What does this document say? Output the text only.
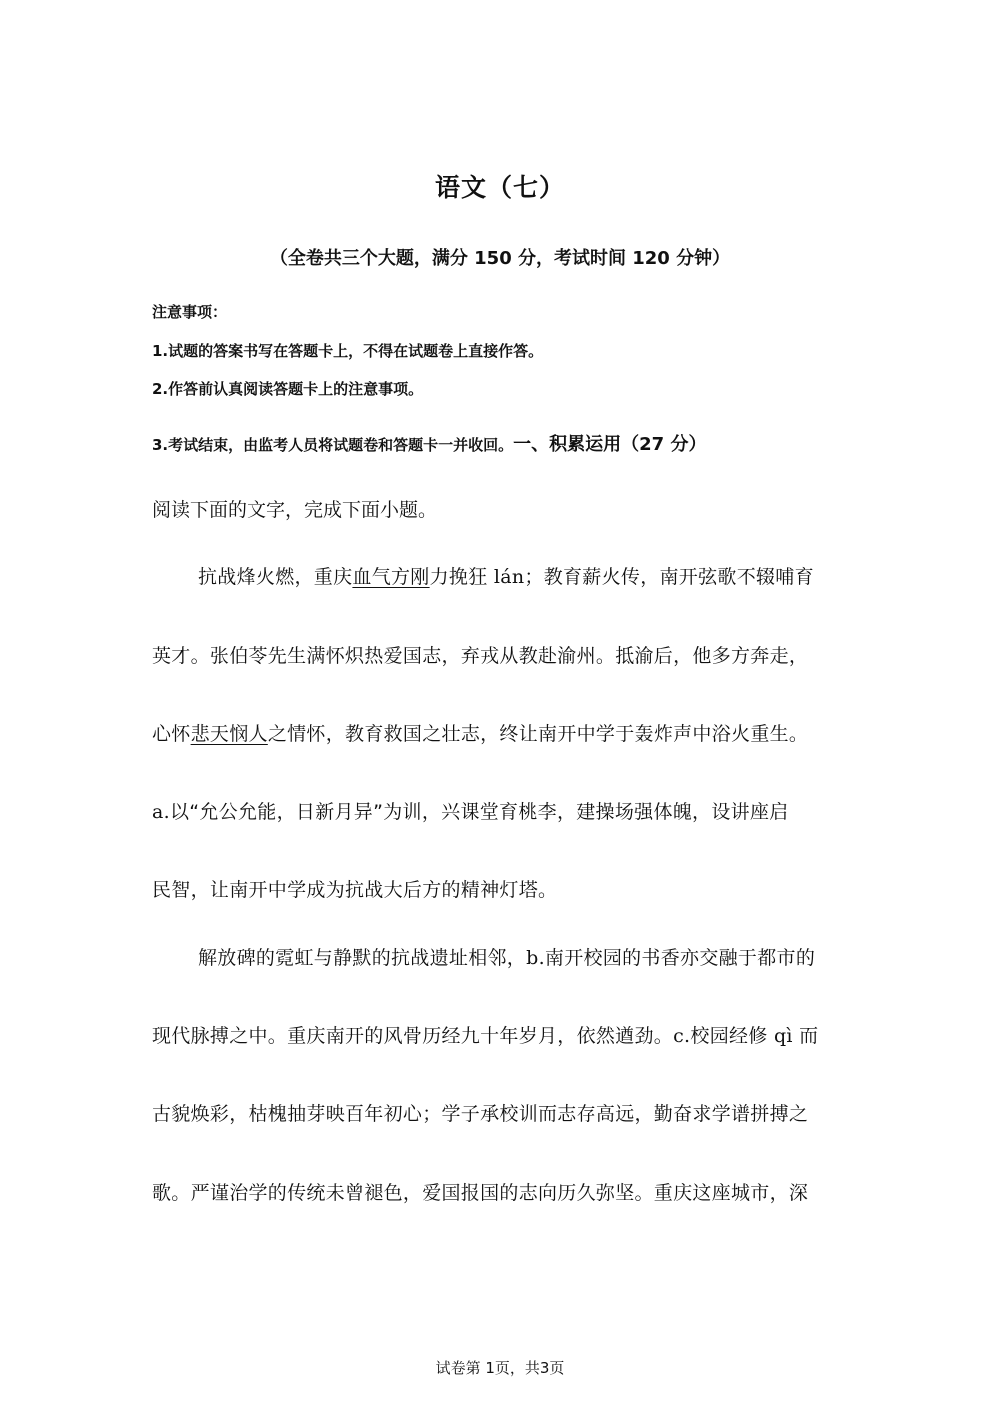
语文（七）
（全卷共三个大题，满分 150 分，考试时间 120 分钟）
注意事项：
1.试题的答案书写在答题卡上，不得在试题卷上直接作答。
2.作答前认真阅读答题卡上的注意事项。
3.考试结束，由监考人员将试题卷和答题卡一并收回。一、积累运用（27 分）
阅读下面的文字，完成下面小题。
抗战烽火燃，重庆血气方刚力挽狂 lán；教育薪火传，南开弦歌不辍哺育
英才。张伯苓先生满怀炽热爱国志，弃戎从教赴渝州。抵渝后，他多方奔走，
心怀悲天悯人之情怀，教育救国之壮志，终让南开中学于轰炸声中浴火重生。
a.以“允公允能，日新月异”为训，兴课堂育桃李，建操场强体魄，设讲座启
民智，让南开中学成为抗战大后方的精神灯塔。
解放碑的霓虹与静默的抗战遗址相邻，b.南开校园的书香亦交融于都市的
现代脉搏之中。重庆南开的风骨历经九十年岁月，依然遒劲。c.校园经修 qì 而
古貌焕彩，枯槐抽芽映百年初心；学子承校训而志存高远，勤奋求学谱拼搏之
歌。严谨治学的传统未曾褪色，爱国报国的志向历久弥坚。重庆这座城市，深
试卷第 1页，共3页
